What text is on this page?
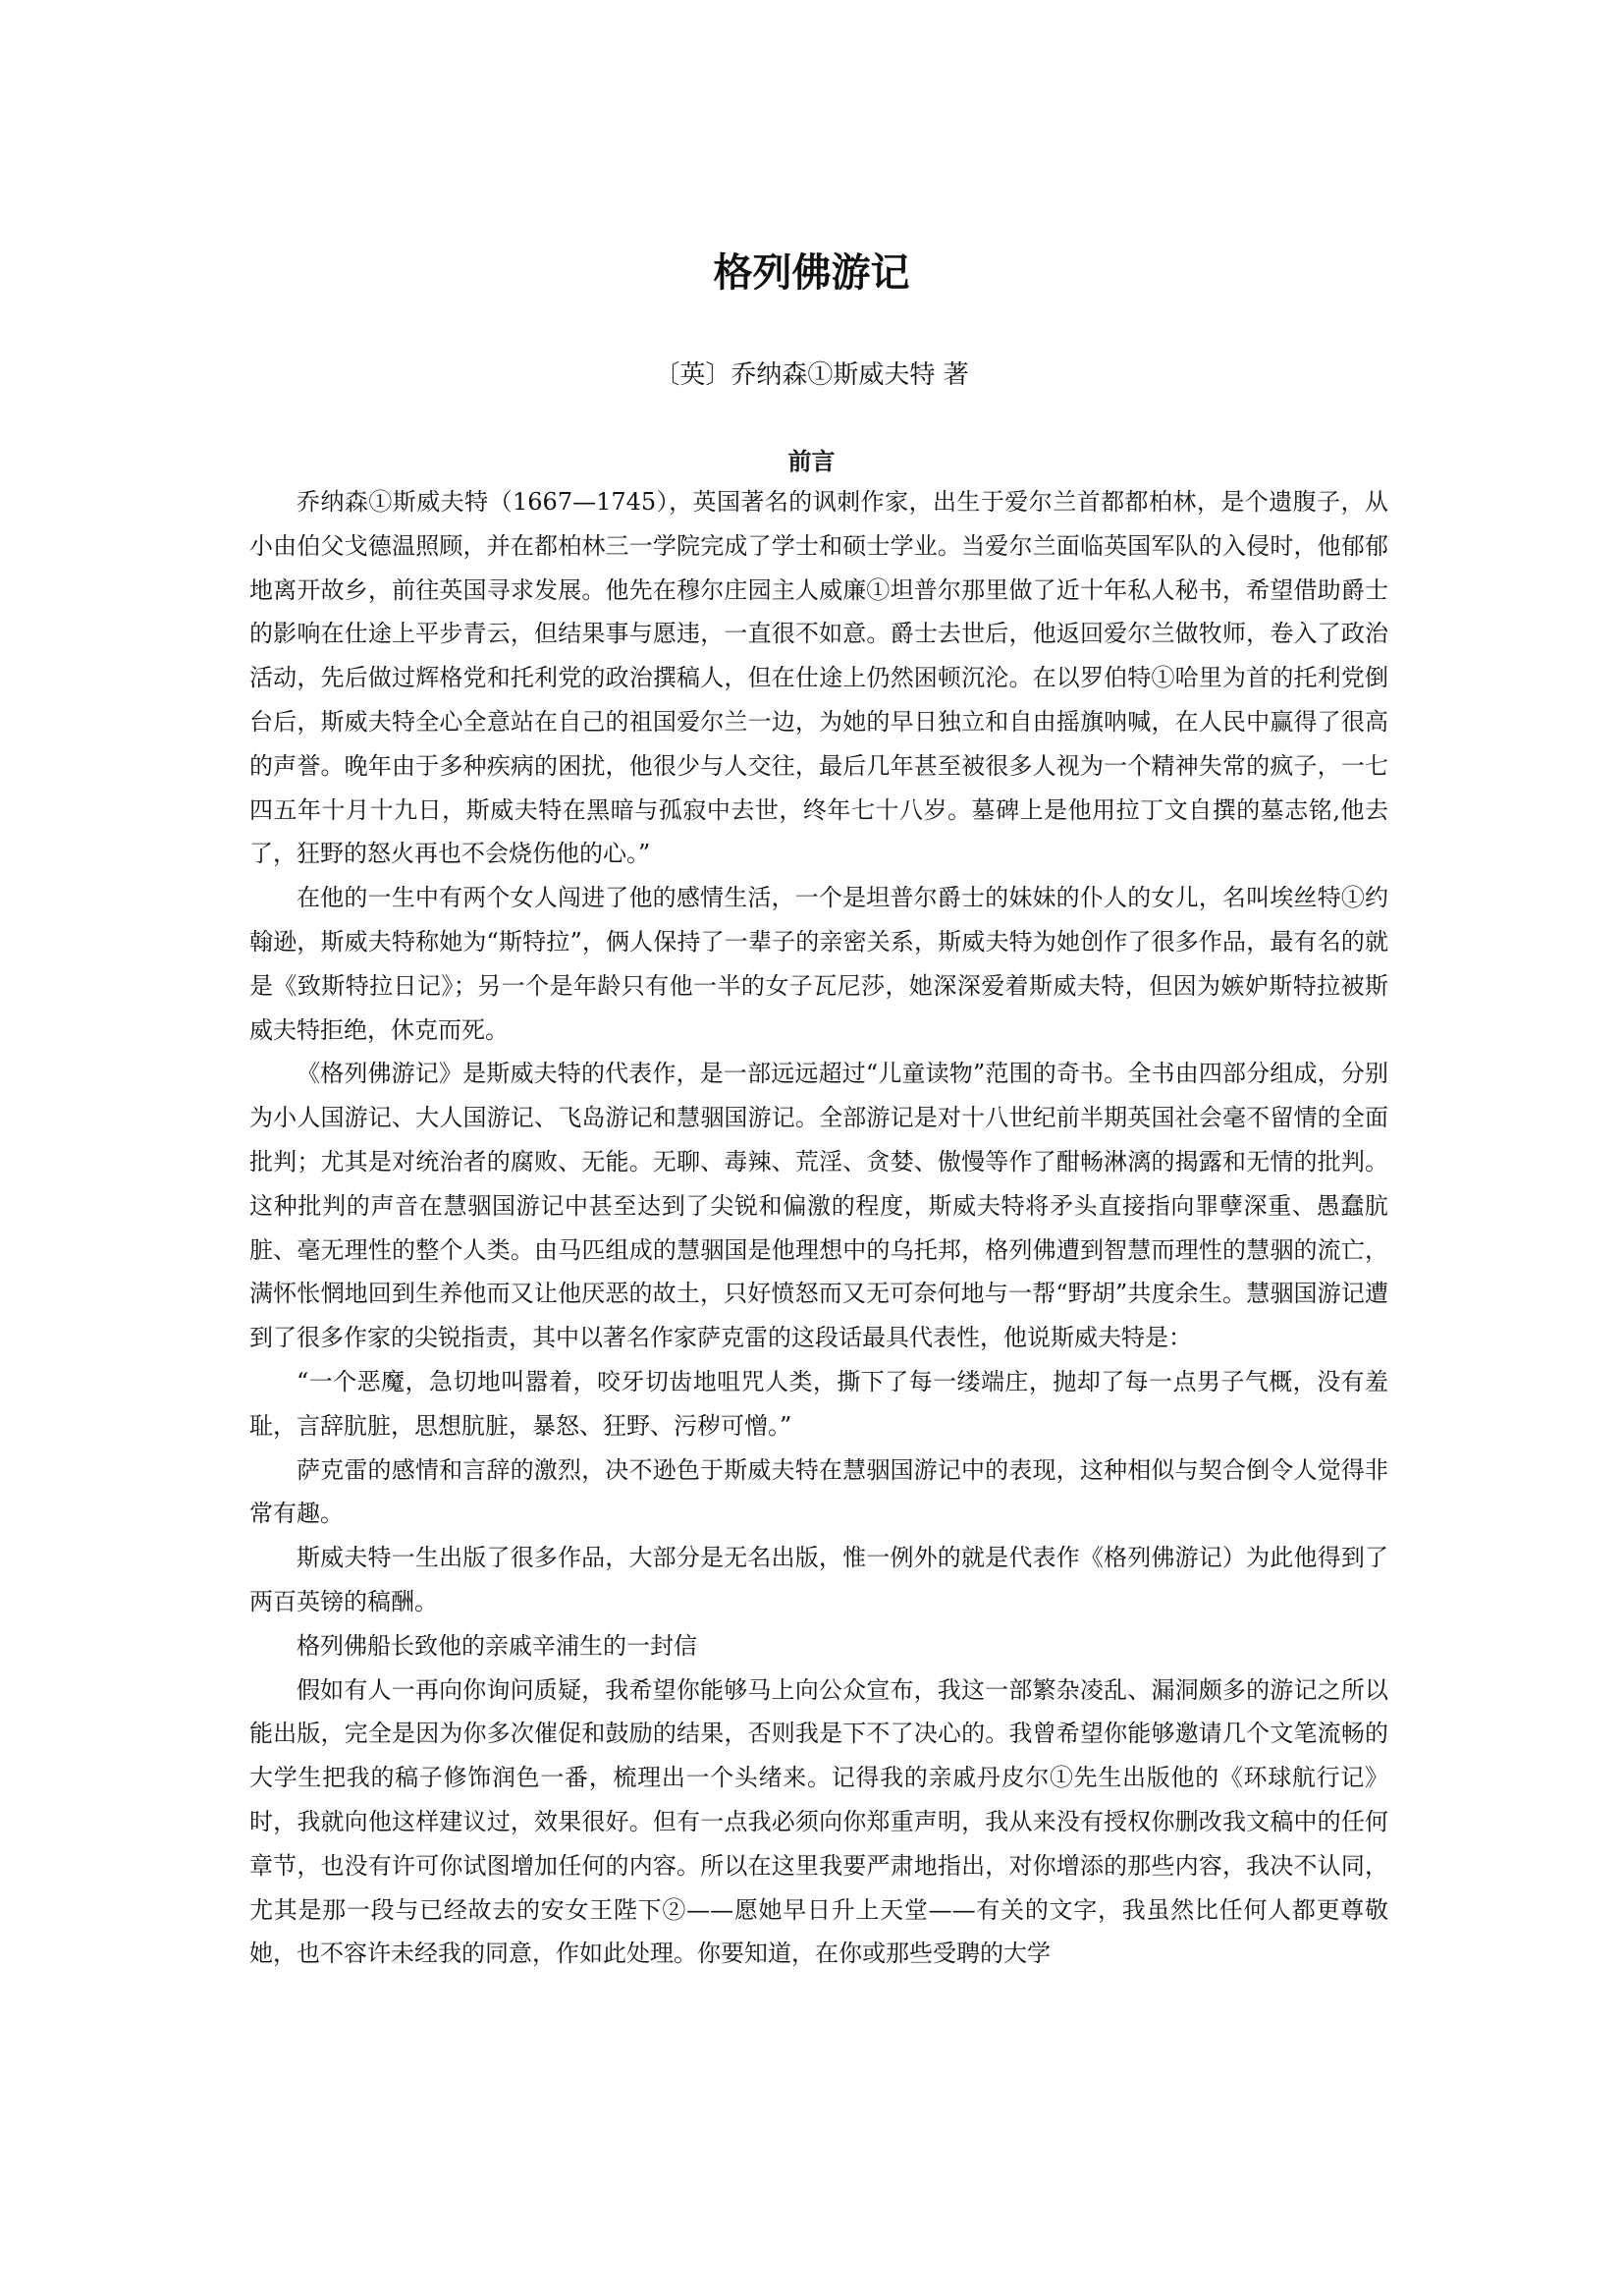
格列佛游记
〔英〕乔纳森①斯威夫特 著
前言

乔纳森①斯威夫特（1667—1745），英国著名的讽刺作家，出生于爱尔兰首都都柏林，是个遗腹子，从小由伯父戈德温照顾，并在都柏林三一学院完成了学士和硕士学业。当爱尔兰面临英国军队的入侵时，他郁郁地离开故乡，前往英国寻求发展。他先在穆尔庄园主人威廉①坦普尔那里做了近十年私人秘书，希望借助爵士的影响在仕途上平步青云，但结果事与愿违，一直很不如意。爵士去世后，他返回爱尔兰做牧师，卷入了政治活动，先后做过辉格党和托利党的政治撰稿人，但在仕途上仍然困顿沉沦。在以罗伯特①哈里为首的托利党倒台后，斯威夫特全心全意站在自己的祖国爱尔兰一边，为她的早日独立和自由摇旗呐喊，在人民中赢得了很高的声誉。晚年由于多种疾病的困扰，他很少与人交往，最后几年甚至被很多人视为一个精神失常的疯子，一七四五年十月十九日，斯威夫特在黑暗与孤寂中去世，终年七十八岁。墓碑上是他用拉丁文自撰的墓志铭,他去了，狂野的怒火再也不会烧伤他的心。”

在他的一生中有两个女人闯进了他的感情生活，一个是坦普尔爵士的妹妹的仆人的女儿，名叫埃丝特①约翰逊，斯威夫特称她为“斯特拉”，俩人保持了一辈子的亲密关系，斯威夫特为她创作了很多作品，最有名的就是《致斯特拉日记》；另一个是年龄只有他一半的女子瓦尼莎，她深深爱着斯威夫特，但因为嫉妒斯特拉被斯威夫特拒绝，休克而死。

《格列佛游记》是斯威夫特的代表作，是一部远远超过“儿童读物”范围的奇书。全书由四部分组成，分别为小人国游记、大人国游记、飞岛游记和慧骃国游记。全部游记是对十八世纪前半期英国社会毫不留情的全面批判；尤其是对统治者的腐败、无能。无聊、毒辣、荒淫、贪婪、傲慢等作了酣畅淋漓的揭露和无情的批判。这种批判的声音在慧骃国游记中甚至达到了尖锐和偏激的程度，斯威夫特将矛头直接指向罪孽深重、愚蠢肮脏、毫无理性的整个人类。由马匹组成的慧骃国是他理想中的乌托邦，格列佛遭到智慧而理性的慧骃的流亡，满怀怅惘地回到生养他而又让他厌恶的故土，只好愤怒而又无可奈何地与一帮“野胡”共度余生。慧骃国游记遭到了很多作家的尖锐指责，其中以著名作家萨克雷的这段话最具代表性，他说斯威夫特是：

“一个恶魔，急切地叫嚣着，咬牙切齿地咀咒人类，撕下了每一缕端庄，抛却了每一点男子气概，没有羞耻，言辞肮脏，思想肮脏，暴怒、狂野、污秽可憎。”

萨克雷的感情和言辞的激烈，决不逊色于斯威夫特在慧骃国游记中的表现，这种相似与契合倒令人觉得非常有趣。

斯威夫特一生出版了很多作品，大部分是无名出版，惟一例外的就是代表作《格列佛游记）为此他得到了两百英镑的稿酬。

格列佛船长致他的亲戚辛浦生的一封信

假如有人一再向你询问质疑，我希望你能够马上向公众宣布，我这一部繁杂凌乱、漏洞颇多的游记之所以能出版，完全是因为你多次催促和鼓励的结果，否则我是下不了决心的。我曾希望你能够邀请几个文笔流畅的大学生把我的稿子修饰润色一番，梳理出一个头绪来。记得我的亲戚丹皮尔①先生出版他的《环球航行记》时，我就向他这样建议过，效果很好。但有一点我必须向你郑重声明，我从来没有授权你删改我文稿中的任何章节，也没有许可你试图增加任何的内容。所以在这里我要严肃地指出，对你增添的那些内容，我决不认同，尤其是那一段与已经故去的安女王陛下②——愿她早日升上天堂——有关的文字，我虽然比任何人都更尊敬她，也不容许未经我的同意，作如此处理。你要知道，在你或那些受聘的大学
